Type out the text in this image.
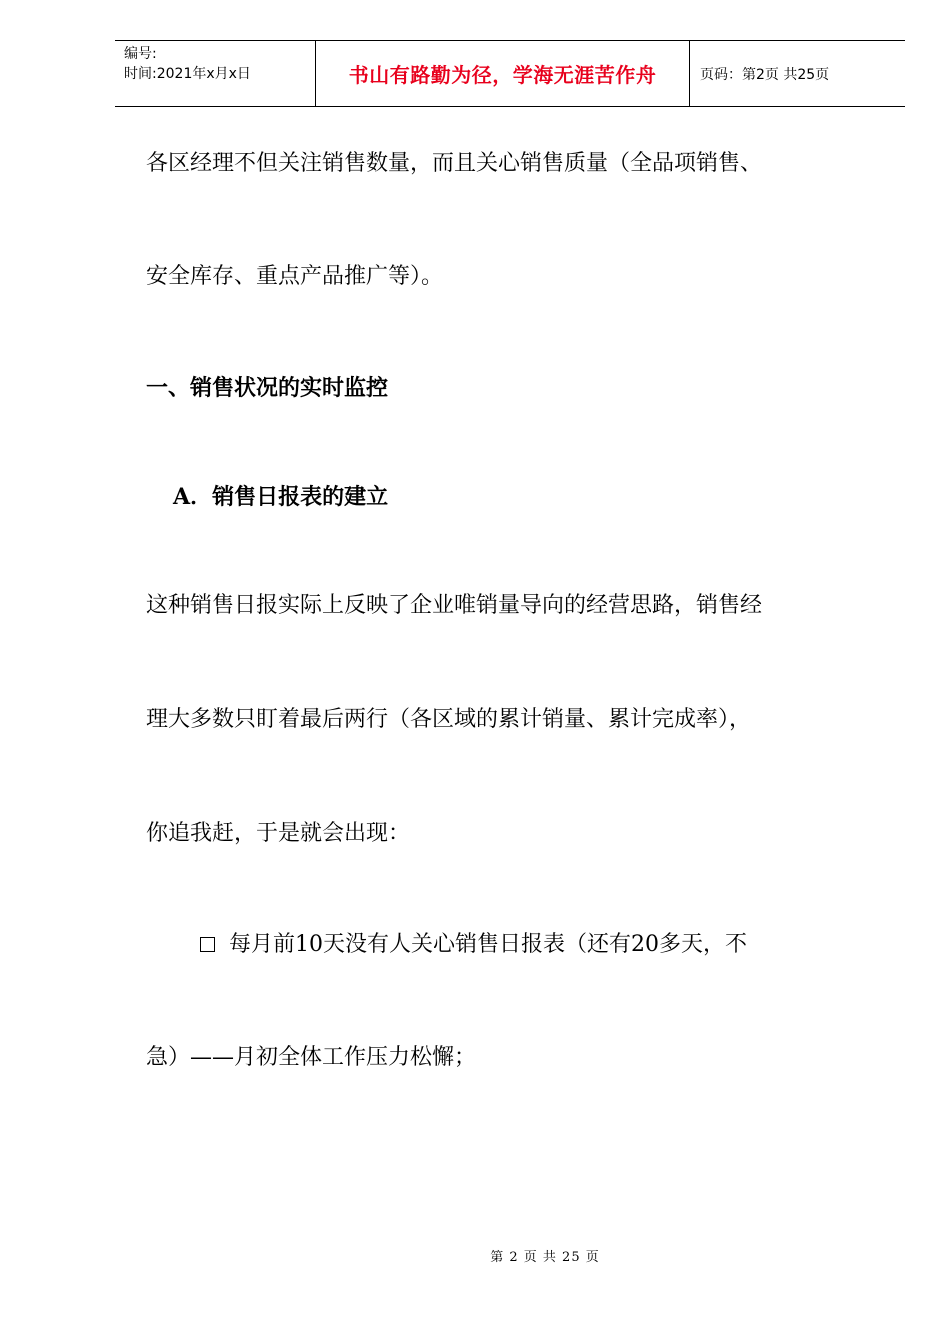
编号:
时间:2021年x月x日	书山有路勤为径，学海无涯苦作舟	页码：第2页 共25页
各区经理不但关注销售数量，而且关心销售质量（全品项销售、
安全库存、重点产品推广等）。
一、销售状况的实时监控
A．销售日报表的建立
这种销售日报实际上反映了企业唯销量导向的经营思路，销售经
理大多数只盯着最后两行（各区域的累计销量、累计完成率），
你追我赶，于是就会出现：
每月前10天没有人关心销售日报表（还有20多天，不
急）——月初全体工作压力松懈；
第 2 页 共 25 页
